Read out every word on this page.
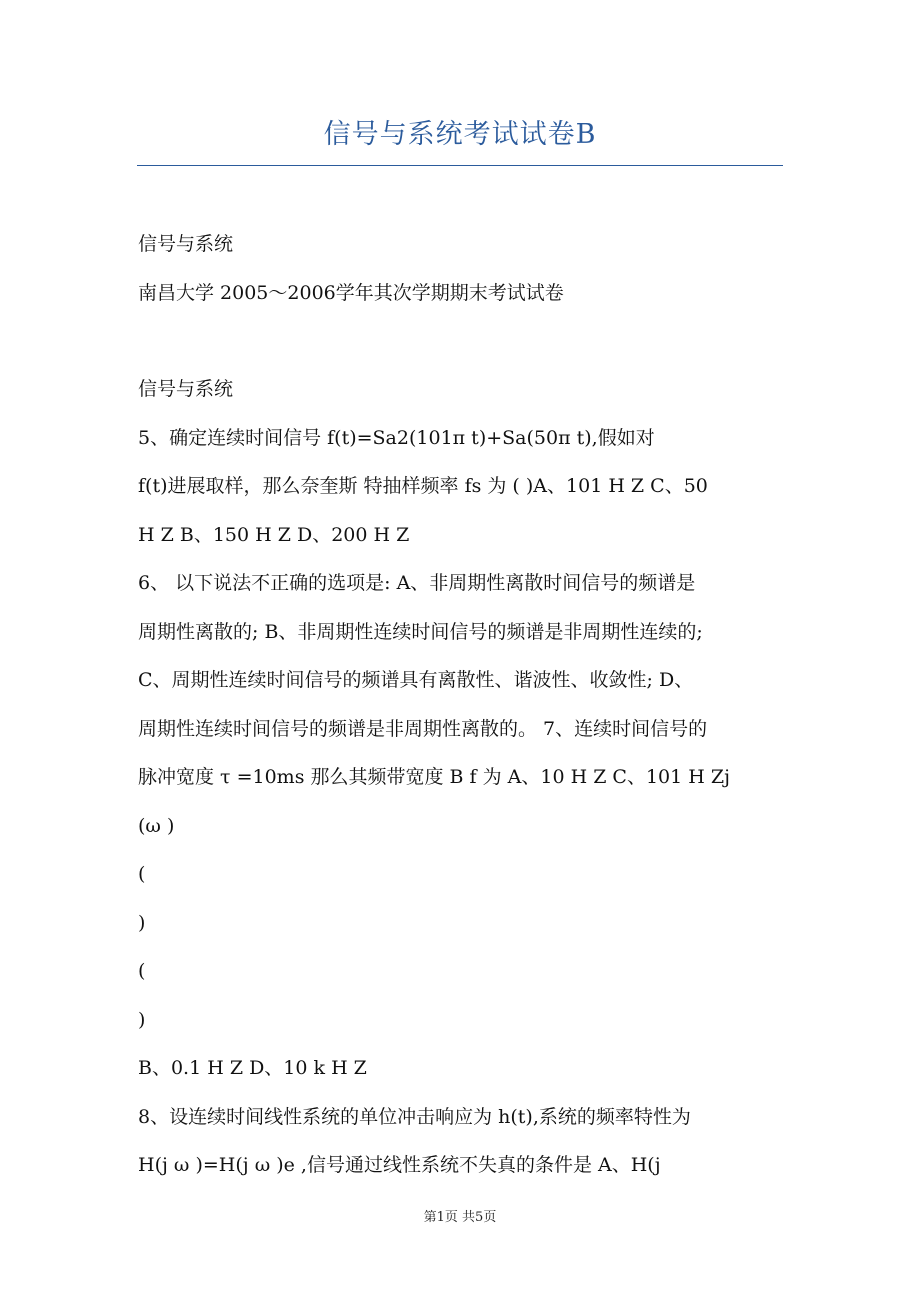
信号与系统考试试卷B
信号与系统
南昌大学 2005～2006学年其次学期期末考试试卷
信号与系统
5、确定连续时间信号 f(t)=Sa2(101π t)+Sa(50π t),假如对
f(t)进展取样，那么奈奎斯 特抽样频率 fs 为 ( )A、101 H Z C、50
H Z B、150 H Z D、200 H Z
6、 以下说法不正确的选项是: A、非周期性离散时间信号的频谱是
周期性离散的; B、非周期性连续时间信号的频谱是非周期性连续的;
C、周期性连续时间信号的频谱具有离散性、谐波性、收敛性; D、
周期性连续时间信号的频谱是非周期性离散的。 7、连续时间信号的
脉冲宽度 τ =10ms 那么其频带宽度 B f 为 A、10 H Z C、101 H Zj
(ω )
(
)
(
)
B、0.1 H Z D、10 k H Z
8、设连续时间线性系统的单位冲击响应为 h(t),系统的频率特性为
H(j ω )=H(j ω )e ,信号通过线性系统不失真的条件是 A、H(j
第1页 共5页
